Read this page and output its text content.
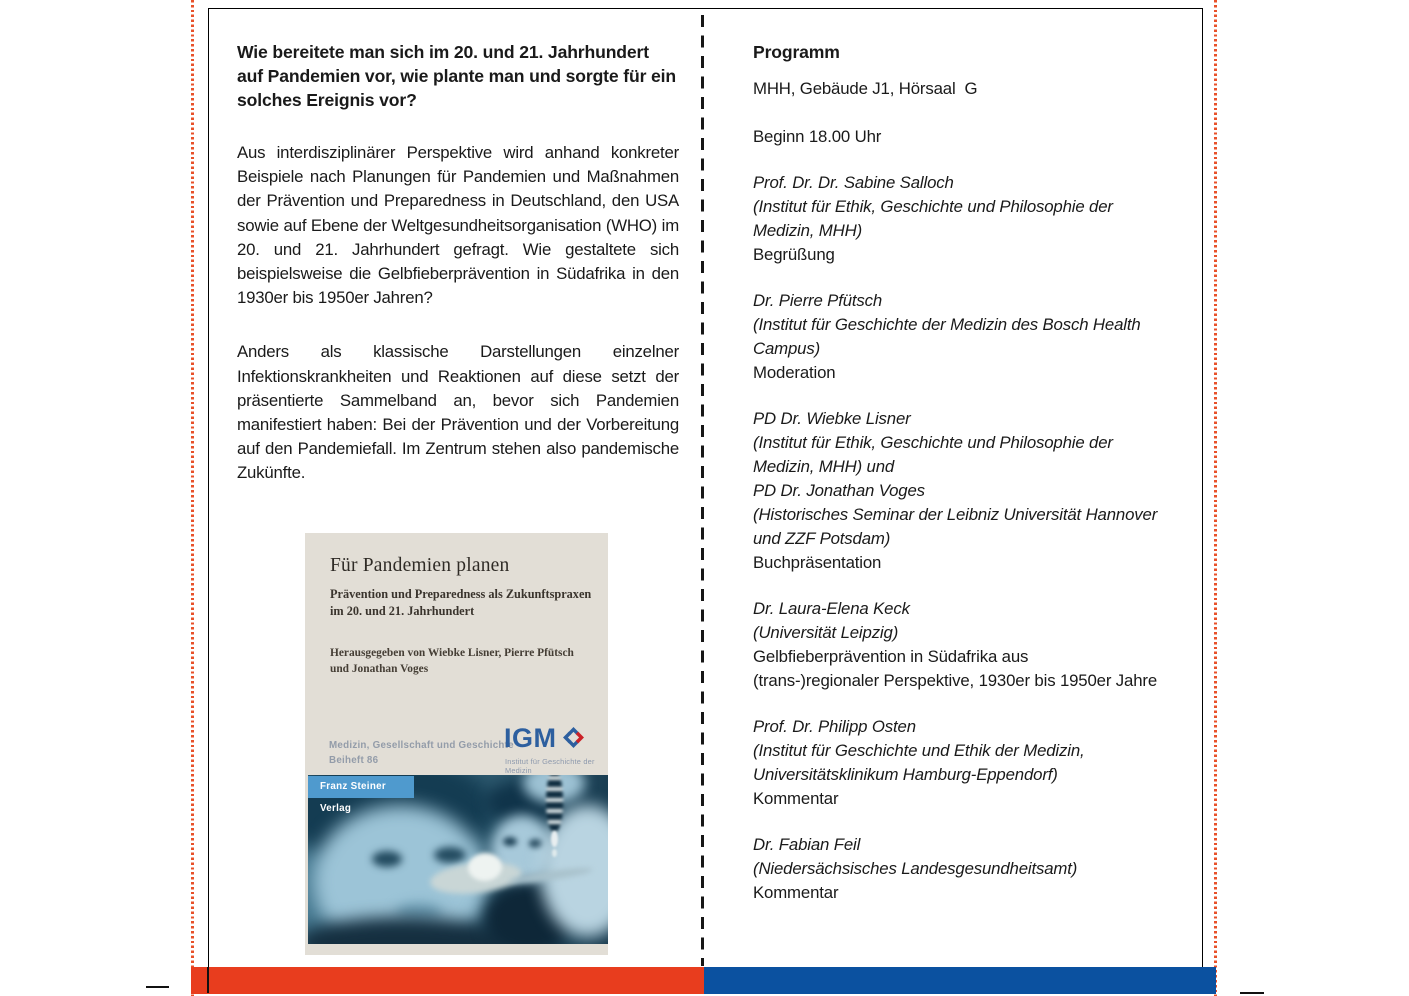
Wie bereitete man sich im 20. und 21. Jahrhundert auf Pandemien vor, wie plante man und sorgte für ein solches Ereignis vor?

Aus interdisziplinärer Perspektive wird anhand konkreter Beispiele nach Planungen für Pandemien und Maßnahmen der Prävention und Preparedness in Deutschland, den USA sowie auf Ebene der Weltgesundheitsorganisation (WHO) im 20. und 21. Jahrhundert gefragt. Wie gestaltete sich beispielsweise die Gelbfieberprävention in Südafrika in den 1930er bis 1950er Jahren?

Anders als klassische Darstellungen einzelner Infektionskrankheiten und Reaktionen auf diese setzt der präsentierte Sammelband an, bevor sich Pandemien manifestiert haben: Bei der Prävention und der Vorbereitung auf den Pandemiefall. Im Zentrum stehen also pandemische Zukünfte.

Für Pandemien planen
Prävention und Preparedness als Zukunftspraxen
im 20. und 21. Jahrhundert
Herausgegeben von Wiebke Lisner, Pierre Pfütsch
und Jonathan Voges
Medizin, Gesellschaft und Geschichte
Beiheft 86
IGM
Institut für Geschichte der Medizin
Franz Steiner Verlag
Programm
MHH, Gebäude J1, Hörsaal  G
Beginn 18.00 Uhr
Prof. Dr. Dr. Sabine Salloch
(Institut für Ethik, Geschichte und Philosophie der
Medizin, MHH)
Begrüßung
Dr. Pierre Pfütsch
(Institut für Geschichte der Medizin des Bosch Health
Campus)
Moderation
PD Dr. Wiebke Lisner
(Institut für Ethik, Geschichte und Philosophie der
Medizin, MHH) und
PD Dr. Jonathan Voges
(Historisches Seminar der Leibniz Universität Hannover
und ZZF Potsdam)
Buchpräsentation
Dr. Laura-Elena Keck
(Universität Leipzig)
Gelbfieberprävention in Südafrika aus
(trans-)regionaler Perspektive, 1930er bis 1950er Jahre
Prof. Dr. Philipp Osten
(Institut für Geschichte und Ethik der Medizin,
Universitätsklinikum Hamburg-Eppendorf)
Kommentar
Dr. Fabian Feil
(Niedersächsisches Landesgesundheitsamt)
Kommentar
